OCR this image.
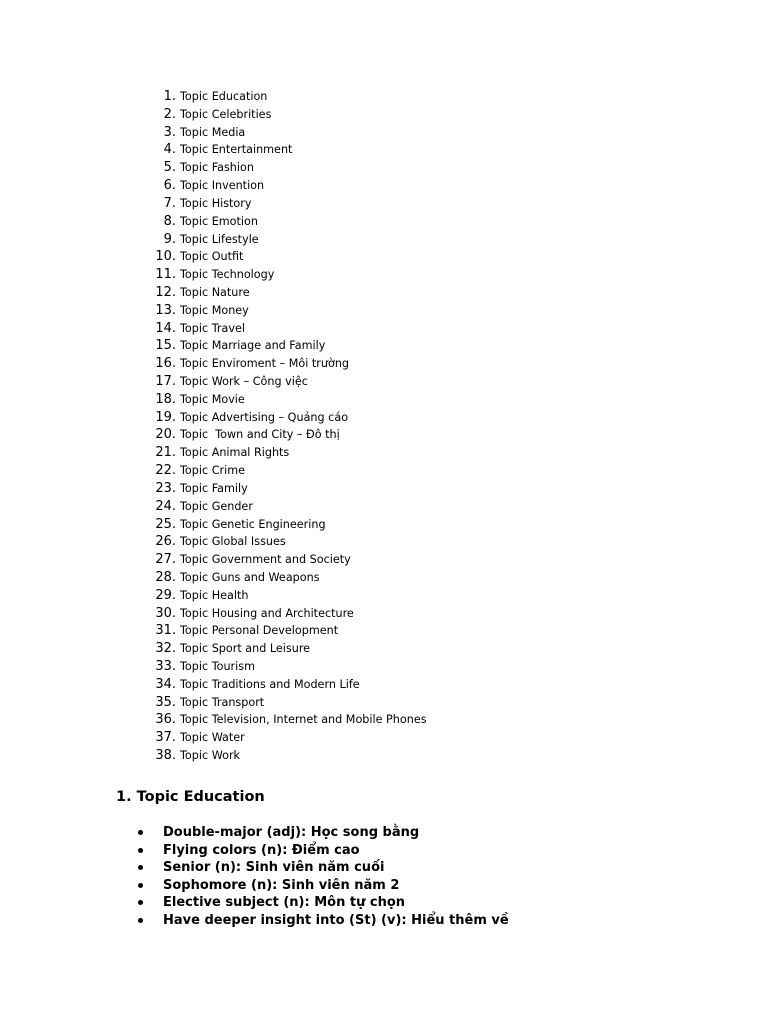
1. Topic Education
2. Topic Celebrities
3. Topic Media
4. Topic Entertainment
5. Topic Fashion
6. Topic Invention
7. Topic History
8. Topic Emotion
9. Topic Lifestyle
10. Topic Outfit
11. Topic Technology
12. Topic Nature
13. Topic Money
14. Topic Travel
15. Topic Marriage and Family
16. Topic Enviroment – Môi trường
17. Topic Work – Công việc
18. Topic Movie
19. Topic Advertising – Quảng cáo
20. Topic  Town and City – Đô thị
21. Topic Animal Rights
22. Topic Crime
23. Topic Family
24. Topic Gender
25. Topic Genetic Engineering
26. Topic Global Issues
27. Topic Government and Society
28. Topic Guns and Weapons
29. Topic Health
30. Topic Housing and Architecture
31. Topic Personal Development
32. Topic Sport and Leisure
33. Topic Tourism
34. Topic Traditions and Modern Life
35. Topic Transport
36. Topic Television, Internet and Mobile Phones
37. Topic Water
38. Topic Work
1. Topic Education
Double-major (adj): Học song bằng
Flying colors (n): Điểm cao
Senior (n): Sinh viên năm cuối
Sophomore (n): Sinh viên năm 2
Elective subject (n): Môn tự chọn
Have deeper insight into (St) (v): Hiểu thêm về
